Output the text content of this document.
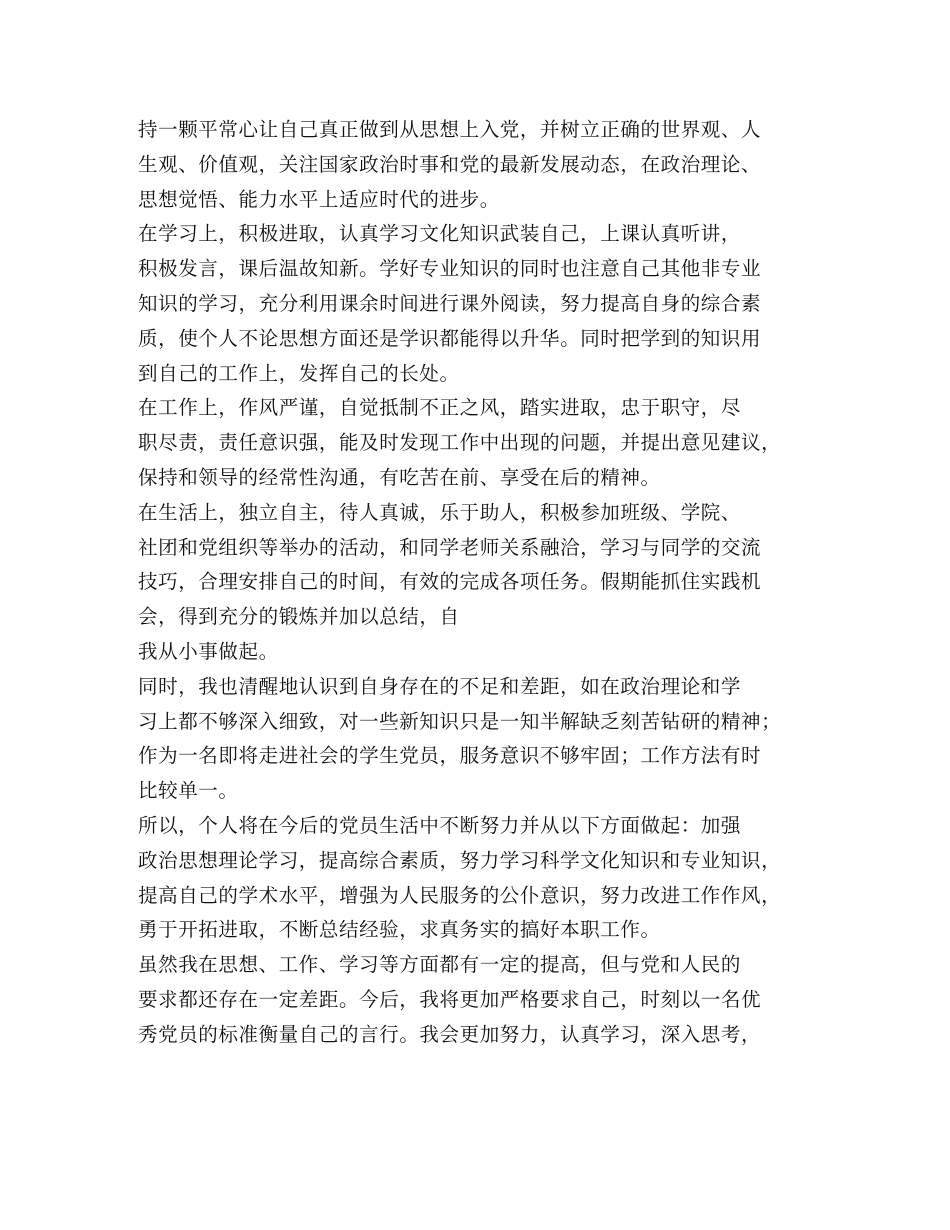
持一颗平常心让自己真正做到从思想上入党，并树立正确的世界观、人
生观、价值观，关注国家政治时事和党的最新发展动态，在政治理论、
思想觉悟、能力水平上适应时代的进步。
在学习上，积极进取，认真学习文化知识武装自己，上课认真听讲，
积极发言，课后温故知新。学好专业知识的同时也注意自己其他非专业
知识的学习，充分利用课余时间进行课外阅读，努力提高自身的综合素
质，使个人不论思想方面还是学识都能得以升华。同时把学到的知识用
到自己的工作上，发挥自己的长处。
在工作上，作风严谨，自觉抵制不正之风，踏实进取，忠于职守，尽
职尽责，责任意识强，能及时发现工作中出现的问题，并提出意见建议，
保持和领导的经常性沟通，有吃苦在前、享受在后的精神。
在生活上，独立自主，待人真诚，乐于助人，积极参加班级、学院、
社团和党组织等举办的活动，和同学老师关系融洽，学习与同学的交流
技巧，合理安排自己的时间，有效的完成各项任务。假期能抓住实践机
会，得到充分的锻炼并加以总结，自
我从小事做起。
同时，我也清醒地认识到自身存在的不足和差距，如在政治理论和学
习上都不够深入细致，对一些新知识只是一知半解缺乏刻苦钻研的精神；
作为一名即将走进社会的学生党员，服务意识不够牢固；工作方法有时
比较单一。
所以，个人将在今后的党员生活中不断努力并从以下方面做起：加强
政治思想理论学习，提高综合素质，努力学习科学文化知识和专业知识，
提高自己的学术水平，增强为人民服务的公仆意识，努力改进工作作风，
勇于开拓进取，不断总结经验，求真务实的搞好本职工作。
虽然我在思想、工作、学习等方面都有一定的提高，但与党和人民的
要求都还存在一定差距。今后，我将更加严格要求自己，时刻以一名优
秀党员的标准衡量自己的言行。我会更加努力，认真学习，深入思考，
